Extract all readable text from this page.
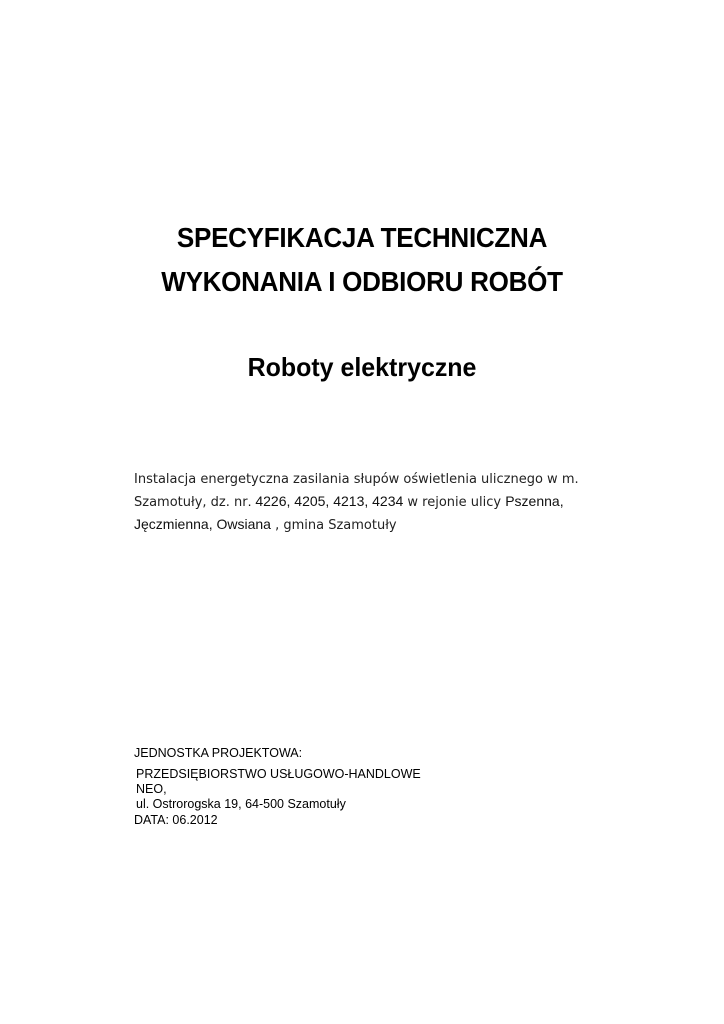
SPECYFIKACJA TECHNICZNA
WYKONANIA I ODBIORU ROBÓT
Roboty elektryczne
Instalacja energetyczna zasilania słupów oświetlenia ulicznego w m.
Szamotuły, dz. nr. 4226, 4205, 4213, 4234 w rejonie ulicy Pszenna,
Jęczmienna, Owsiana , gmina Szamotuły
JEDNOSTKA PROJEKTOWA:
PRZEDSIĘBIORSTWO USŁUGOWO-HANDLOWE
NEO,
ul. Ostrorogska 19, 64-500 Szamotuły
DATA: 06.2012
